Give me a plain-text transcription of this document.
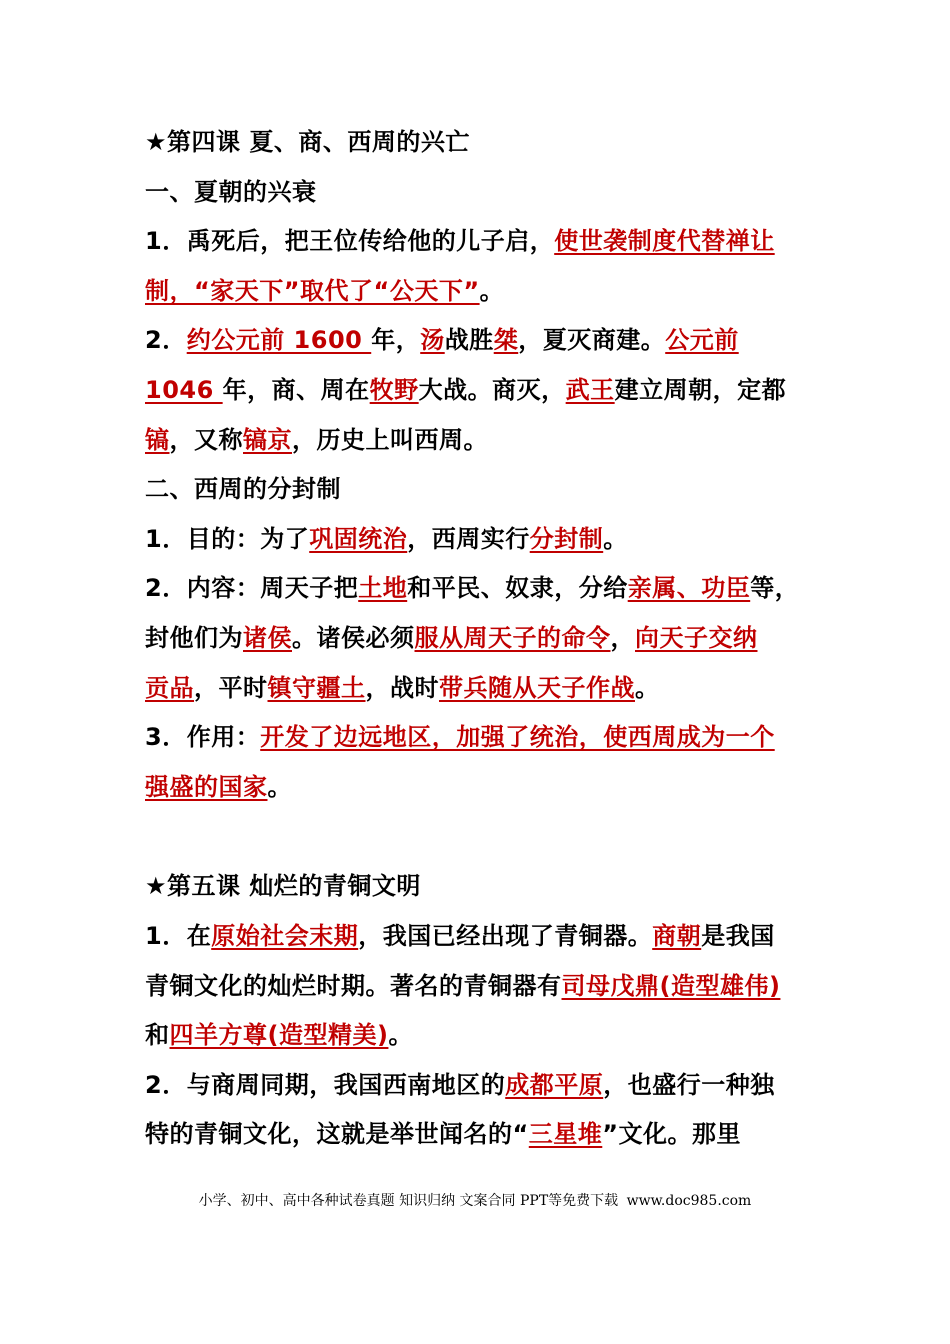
★第四课 夏、商、西周的兴亡
一、夏朝的兴衰
1．禹死后，把王位传给他的儿子启，使世袭制度代替禅让
制，“家天下”取代了“公天下”。
2．约公元前 1600 年，汤战胜桀，夏灭商建。公元前
1046 年，商、周在牧野大战。商灭，武王建立周朝，定都
镐，又称镐京，历史上叫西周。
二、西周的分封制
1．目的：为了巩固统治，西周实行分封制。
2．内容：周天子把土地和平民、奴隶，分给亲属、功臣等，
封他们为诸侯。诸侯必须服从周天子的命令，向天子交纳
贡品，平时镇守疆土，战时带兵随从天子作战。
3．作用：开发了边远地区，加强了统治，使西周成为一个
强盛的国家。
★第五课 灿烂的青铜文明
1．在原始社会末期，我国已经出现了青铜器。商朝是我国
青铜文化的灿烂时期。著名的青铜器有司母戊鼎(造型雄伟)
和四羊方尊(造型精美)。
2．与商周同期，我国西南地区的成都平原，也盛行一种独
特的青铜文化，这就是举世闻名的“三星堆”文化。那里
小学、初中、高中各种试卷真题 知识归纳 文案合同 PPT等免费下载 www.doc985.com
